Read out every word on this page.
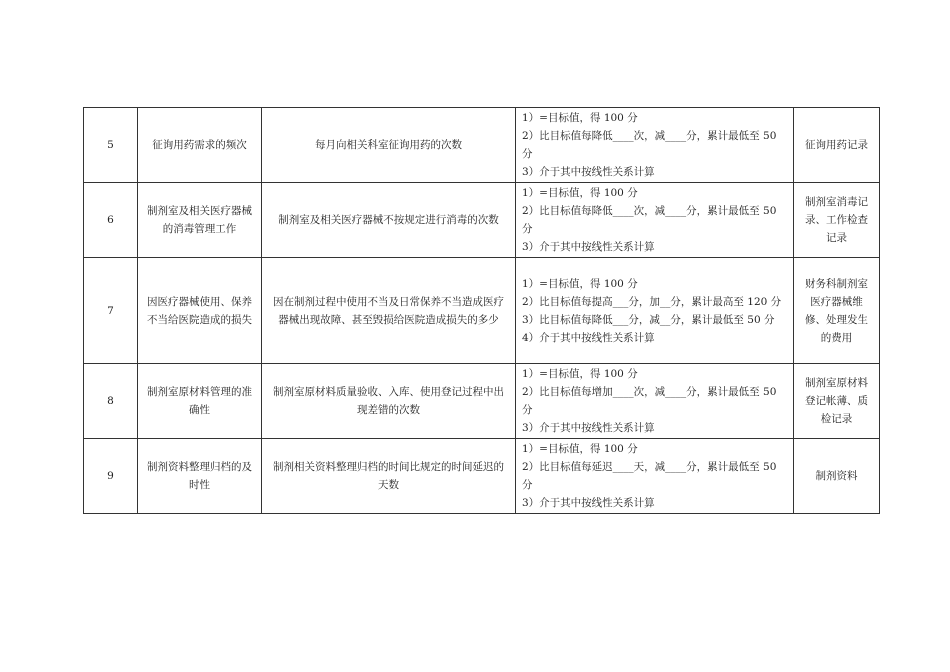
5	征询用药需求的频次	每月向相关科室征询用药的次数	1）=目标值，得 100 分
2）比目标值每降低____次，减____分，累计最低至 50 分
3）介于其中按线性关系计算	征询用药记录
6	制剂室及相关医疗器械的消毒管理工作	制剂室及相关医疗器械不按规定进行消毒的次数	1）=目标值，得 100 分
2）比目标值每降低____次，减____分，累计最低至 50 分
3）介于其中按线性关系计算	制剂室消毒记录、工作检查记录
7	因医疗器械使用、保养不当给医院造成的损失	因在制剂过程中使用不当及日常保养不当造成医疗器械出现故障、甚至毁损给医院造成损失的多少	1）=目标值，得 100 分
2）比目标值每提高___分，加__分，累计最高至 120 分
3）比目标值每降低___分，减__分，累计最低至 50 分
4）介于其中按线性关系计算	财务科制剂室医疗器械维修、处理发生的费用
8	制剂室原材料管理的准确性	制剂室原材料质量验收、入库、使用登记过程中出现差错的次数	1）=目标值，得 100 分
2）比目标值每增加____次，减____分，累计最低至 50 分
3）介于其中按线性关系计算	制剂室原材料登记帐薄、质检记录
9	制剂资料整理归档的及时性	制剂相关资料整理归档的时间比规定的时间延迟的天数	1）=目标值，得 100 分
2）比目标值每延迟____天，减____分，累计最低至 50 分
3）介于其中按线性关系计算	制剂资料
